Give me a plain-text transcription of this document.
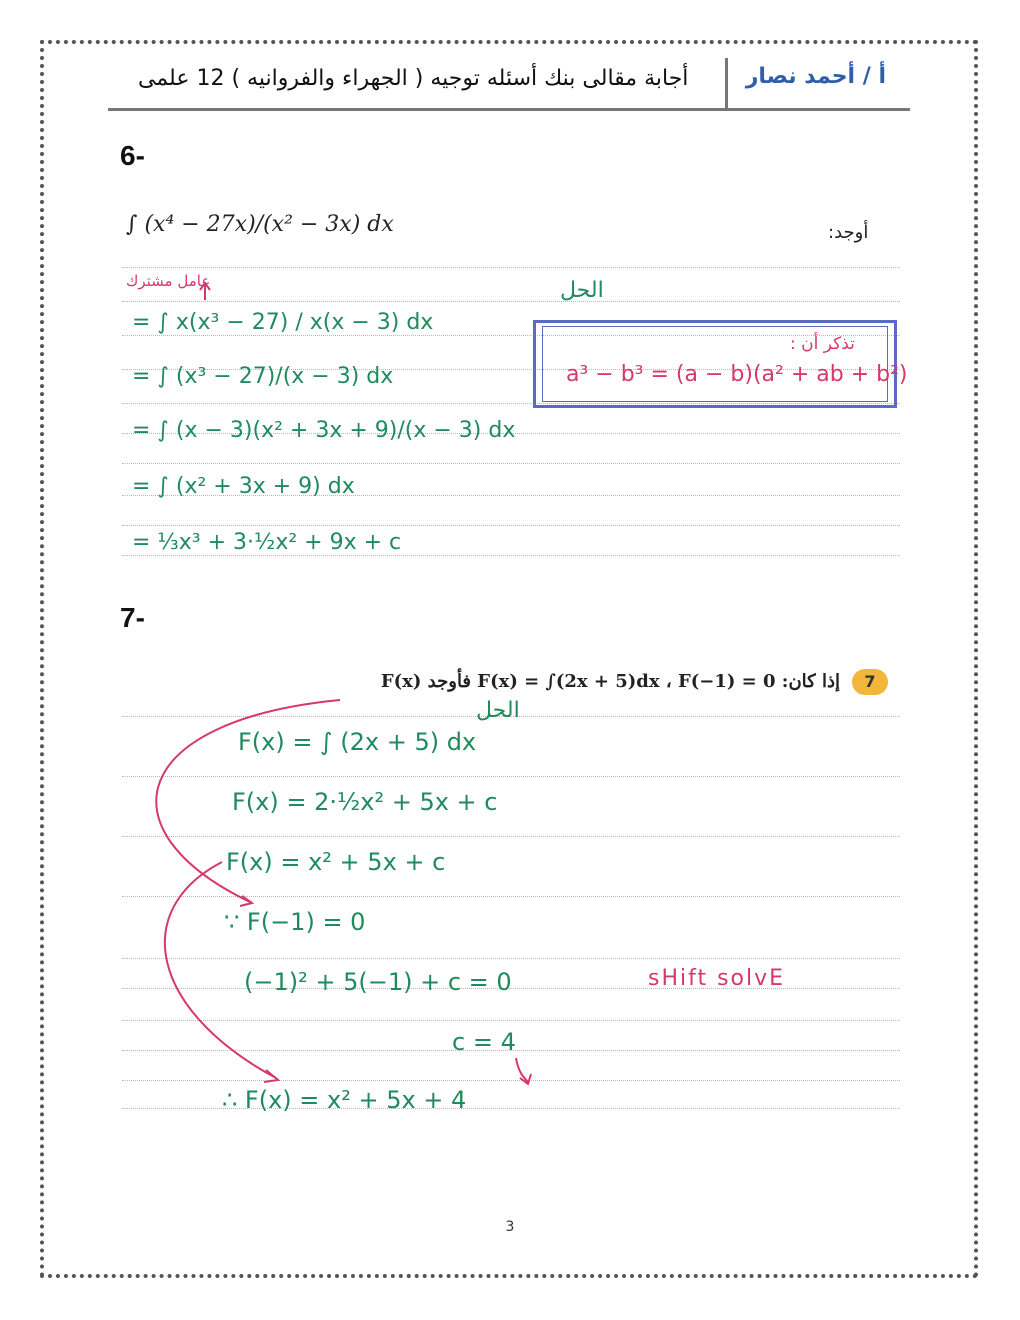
أ / أحمد نصار
أجابة مقالى بنك أسئله توجيه ( الجهراء والفروانيه ) 12 علمى
6-
∫ (x⁴ − 27x)/(x² − 3x) dx	أوجد:
عامل مشترك	الحل
= ∫ x(x³ − 27) / x(x − 3) dx
= ∫ (x³ − 27)/(x − 3) dx
= ∫ (x − 3)(x² + 3x + 9)/(x − 3) dx
= ∫ (x² + 3x + 9) dx
= ⅓x³ + 3·½x² + 9x + c
تذكر أن :
a³ − b³ = (a − b)(a² + ab + b²)
7-
7
إذا كان: F(x) = ∫(2x + 5)dx ، F(−1) = 0 فأوجد F(x)
الحل
F(x) = ∫ (2x + 5) dx
F(x) = 2·½x² + 5x + c
F(x) = x² + 5x + c
∵ F(−1) = 0
(−1)² + 5(−1) + c = 0
c = 4
∴ F(x) = x² + 5x + 4
sHift solvE
3
